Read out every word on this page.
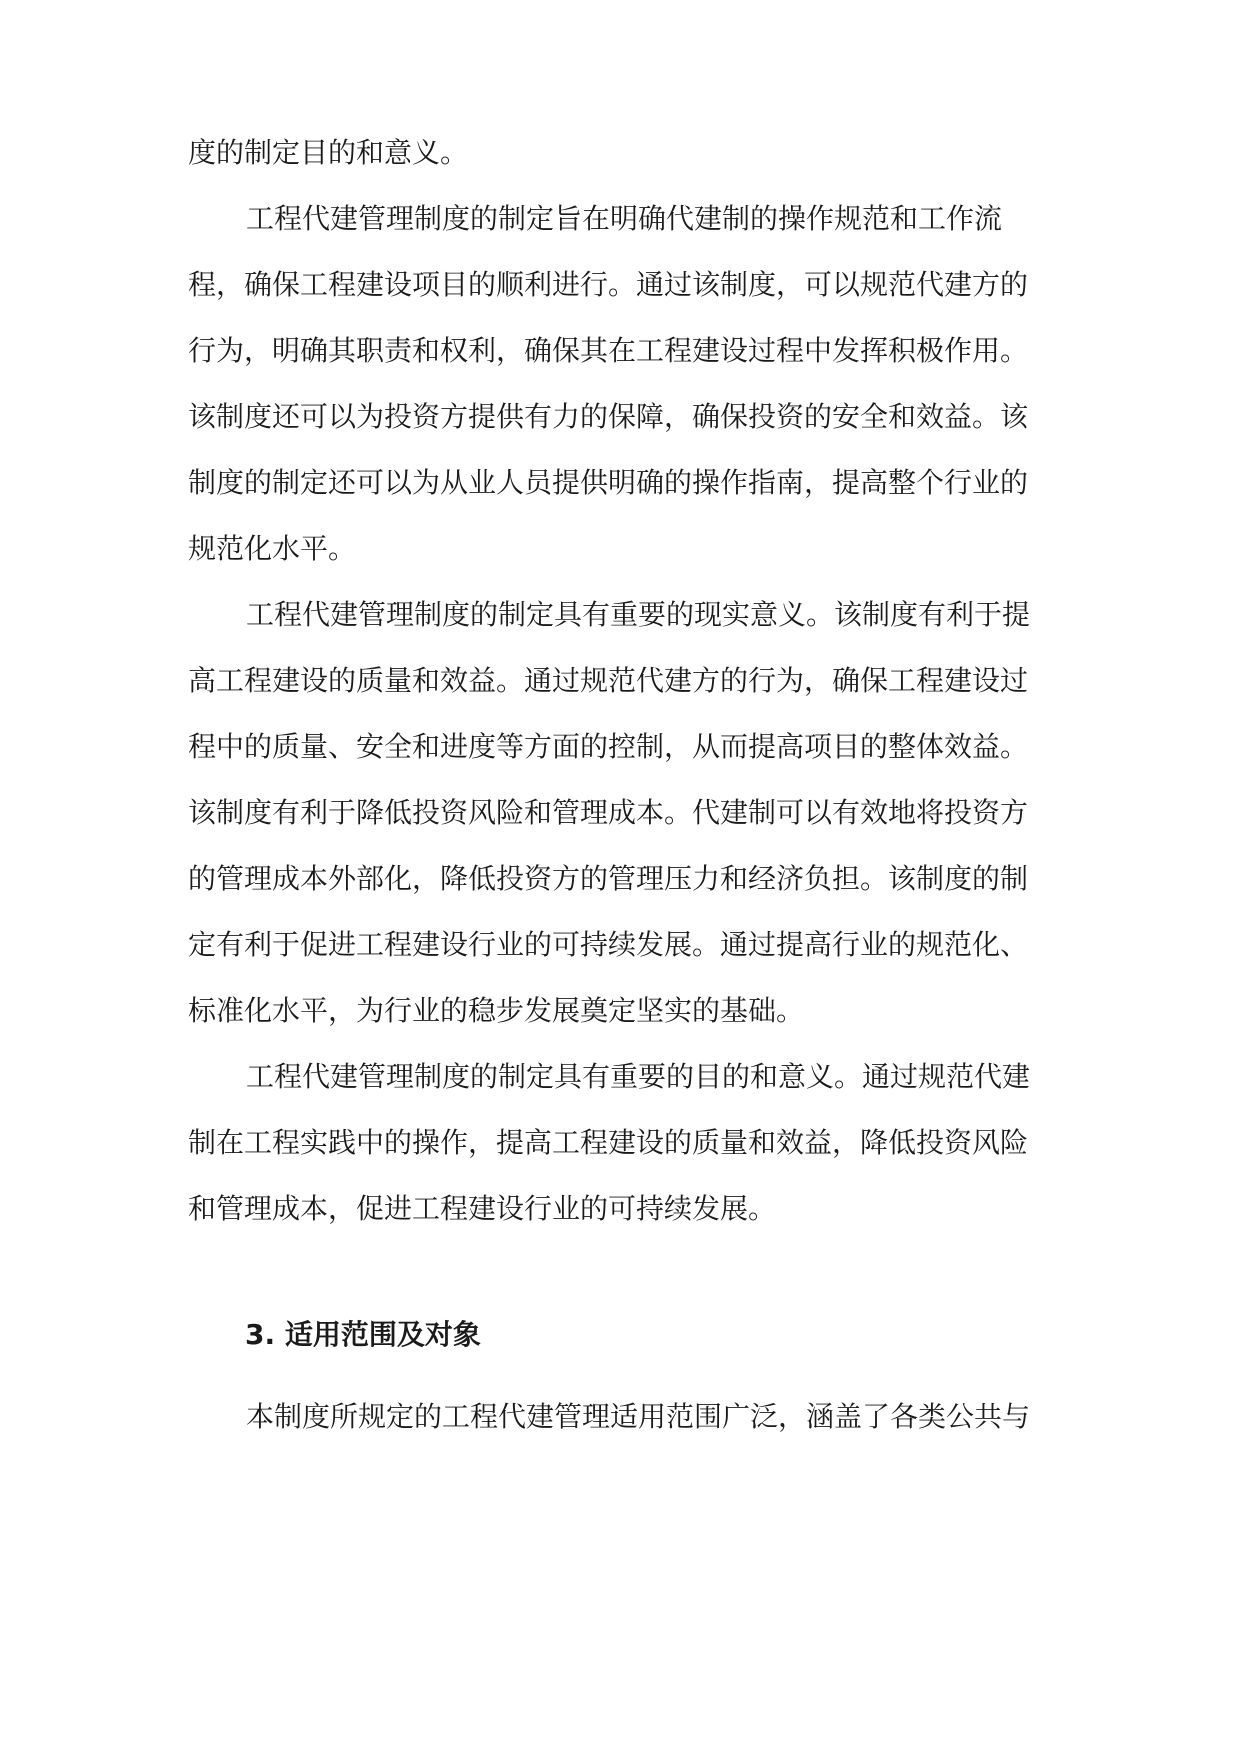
度的制定目的和意义。
工程代建管理制度的制定旨在明确代建制的操作规范和工作流
程，确保工程建设项目的顺利进行。通过该制度，可以规范代建方的
行为，明确其职责和权利，确保其在工程建设过程中发挥积极作用。
该制度还可以为投资方提供有力的保障，确保投资的安全和效益。该
制度的制定还可以为从业人员提供明确的操作指南，提高整个行业的
规范化水平。
工程代建管理制度的制定具有重要的现实意义。该制度有利于提
高工程建设的质量和效益。通过规范代建方的行为，确保工程建设过
程中的质量、安全和进度等方面的控制，从而提高项目的整体效益。
该制度有利于降低投资风险和管理成本。代建制可以有效地将投资方
的管理成本外部化，降低投资方的管理压力和经济负担。该制度的制
定有利于促进工程建设行业的可持续发展。通过提高行业的规范化、
标准化水平，为行业的稳步发展奠定坚实的基础。
工程代建管理制度的制定具有重要的目的和意义。通过规范代建
制在工程实践中的操作，提高工程建设的质量和效益，降低投资风险
和管理成本，促进工程建设行业的可持续发展。
3. 适用范围及对象
本制度所规定的工程代建管理适用范围广泛，涵盖了各类公共与
